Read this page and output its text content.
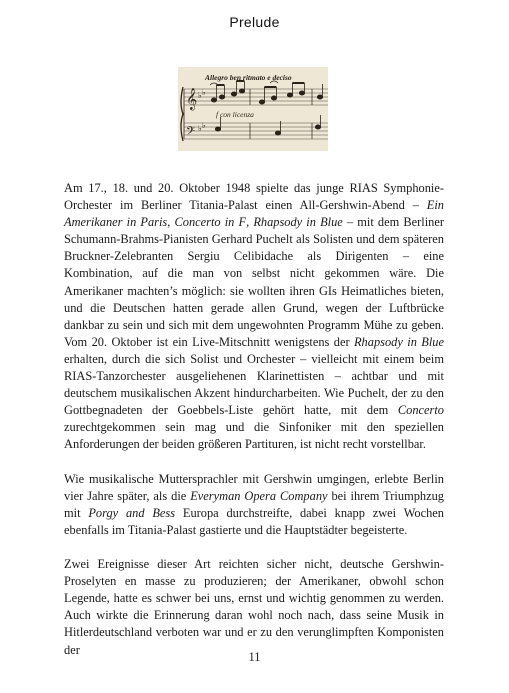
Prelude
Allegro ben ritmato e deciso
𝄞
𝄢
♭ ♭
♭ ♭
f con licenza

Am 17., 18. und 20. Oktober 1948 spielte das junge RIAS Symphonie-Orchester im Berliner Titania-Palast einen All-Gershwin-Abend – Ein Amerikaner in Paris, Concerto in F, Rhapsody in Blue – mit dem Berliner Schumann-Brahms-Pianisten Gerhard Puchelt als Solisten und dem späteren Bruckner-Zelebranten Sergiu Celibidache als Dirigenten – eine Kombination, auf die man von selbst nicht gekommen wäre. Die Amerikaner machten’s möglich: sie wollten ihren GIs Heimatliches bieten, und die Deutschen hatten gerade allen Grund, wegen der Luftbrücke dankbar zu sein und sich mit dem ungewohnten Programm Mühe zu geben. Vom 20. Oktober ist ein Live-Mitschnitt wenigstens der Rhapsody in Blue erhalten, durch die sich Solist und Orchester – vielleicht mit einem beim RIAS-Tanzorchester ausgeliehenen Klarinettisten – achtbar und mit deutschem musikalischen Akzent hindurcharbeiten. Wie Puchelt, der zu den Gottbegnadeten der Goebbels-Liste gehört hatte, mit dem Concerto zurechtgekommen sein mag und die Sinfoniker mit den speziellen Anforderungen der beiden größeren Partituren, ist nicht recht vorstellbar.

Wie musikalische Muttersprachler mit Gershwin umgingen, erlebte Berlin vier Jahre später, als die Everyman Opera Company bei ihrem Triumphzug mit Porgy and Bess Europa durchstreifte, dabei knapp zwei Wochen ebenfalls im Titania-Palast gastierte und die Hauptstädter begeisterte.

Zwei Ereignisse dieser Art reichten sicher nicht, deutsche Gershwin-Proselyten en masse zu produzieren; der Amerikaner, obwohl schon Legende, hatte es schwer bei uns, ernst und wichtig genommen zu werden. Auch wirkte die Erinnerung daran wohl noch nach, dass seine Musik in Hitlerdeutschland verboten war und er zu den verunglimpften Komponisten der

11
